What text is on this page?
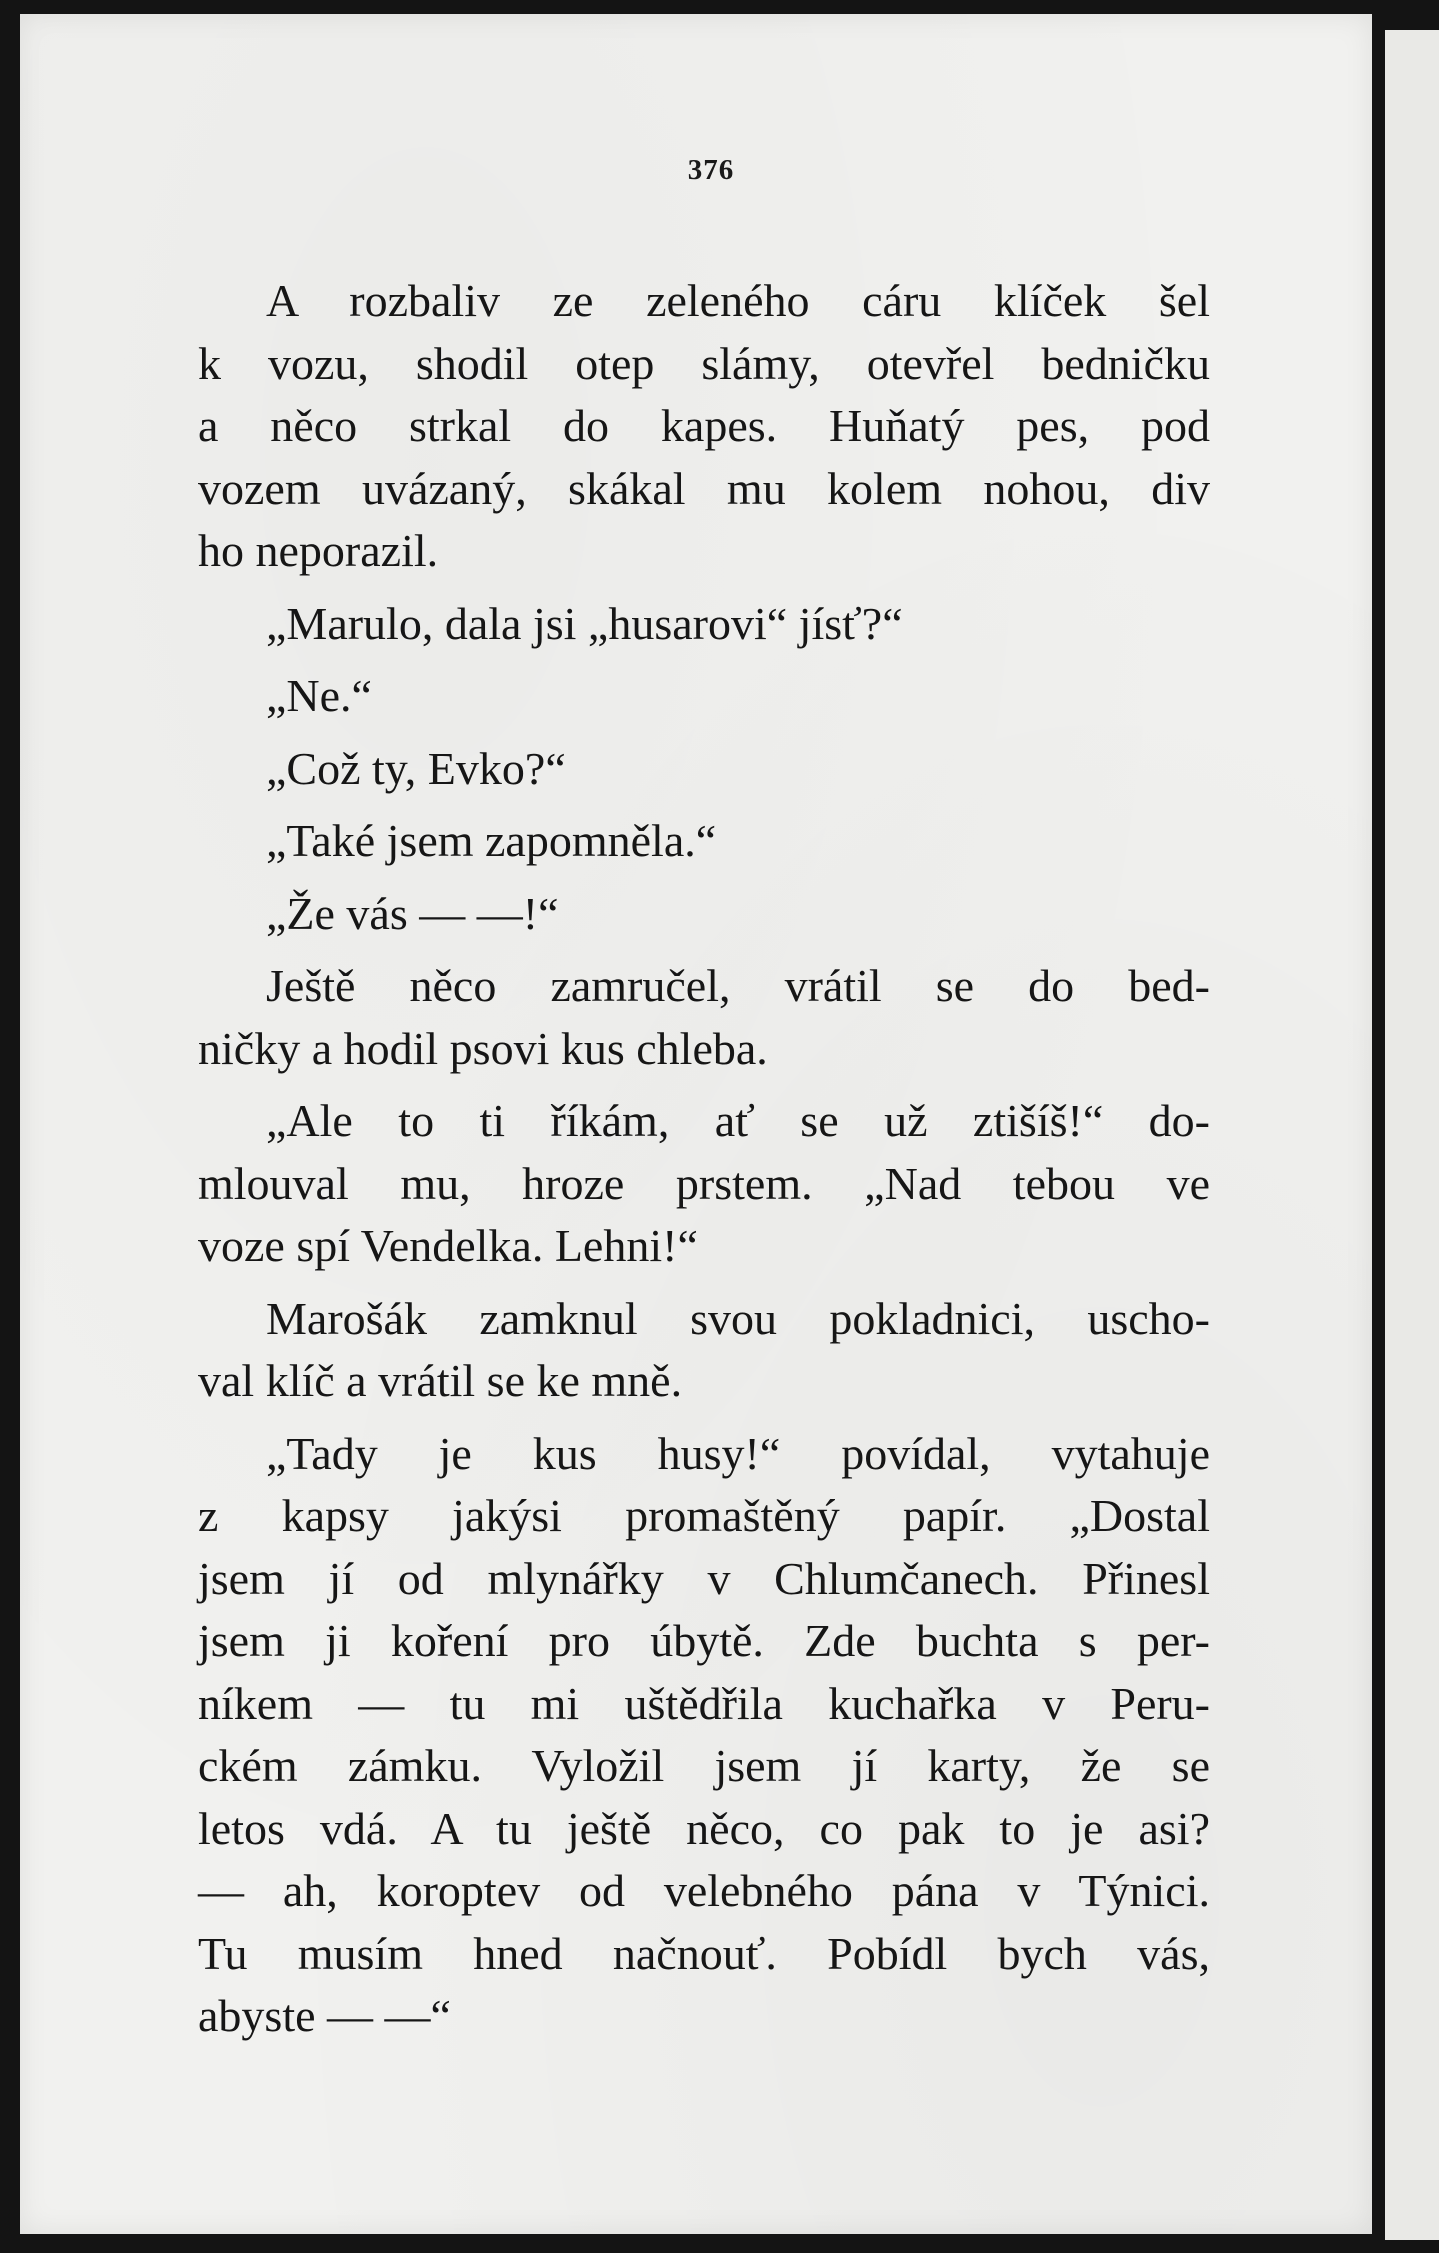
376
A rozbaliv ze zeleného cáru klíček šel
k vozu, shodil otep slámy, otevřel bedničku
a něco strkal do kapes. Huňatý pes, pod
vozem uvázaný, skákal mu kolem nohou, div
ho neporazil.
„Marulo, dala jsi „husarovi“ jísť?“
„Ne.“
„Což ty, Evko?“
„Také jsem zapomněla.“
„Že vás — —!“
Ještě něco zamručel, vrátil se do bed-
ničky a hodil psovi kus chleba.
„Ale to ti říkám, ať se už ztišíš!“ do-
mlouval mu, hroze prstem. „Nad tebou ve
voze spí Vendelka. Lehni!“
Marošák zamknul svou pokladnici, uscho-
val klíč a vrátil se ke mně.
„Tady je kus husy!“ povídal, vytahuje
z kapsy jakýsi promaštěný papír. „Dostal
jsem jí od mlynářky v Chlumčanech. Přinesl
jsem ji koření pro úbytě. Zde buchta s per-
níkem — tu mi uštědřila kuchařka v Peru-
ckém zámku. Vyložil jsem jí karty, že se
letos vdá. A tu ještě něco, co pak to je asi?
— ah, koroptev od velebného pána v Týnici.
Tu musím hned načnouť. Pobídl bych vás,
abyste — —“
